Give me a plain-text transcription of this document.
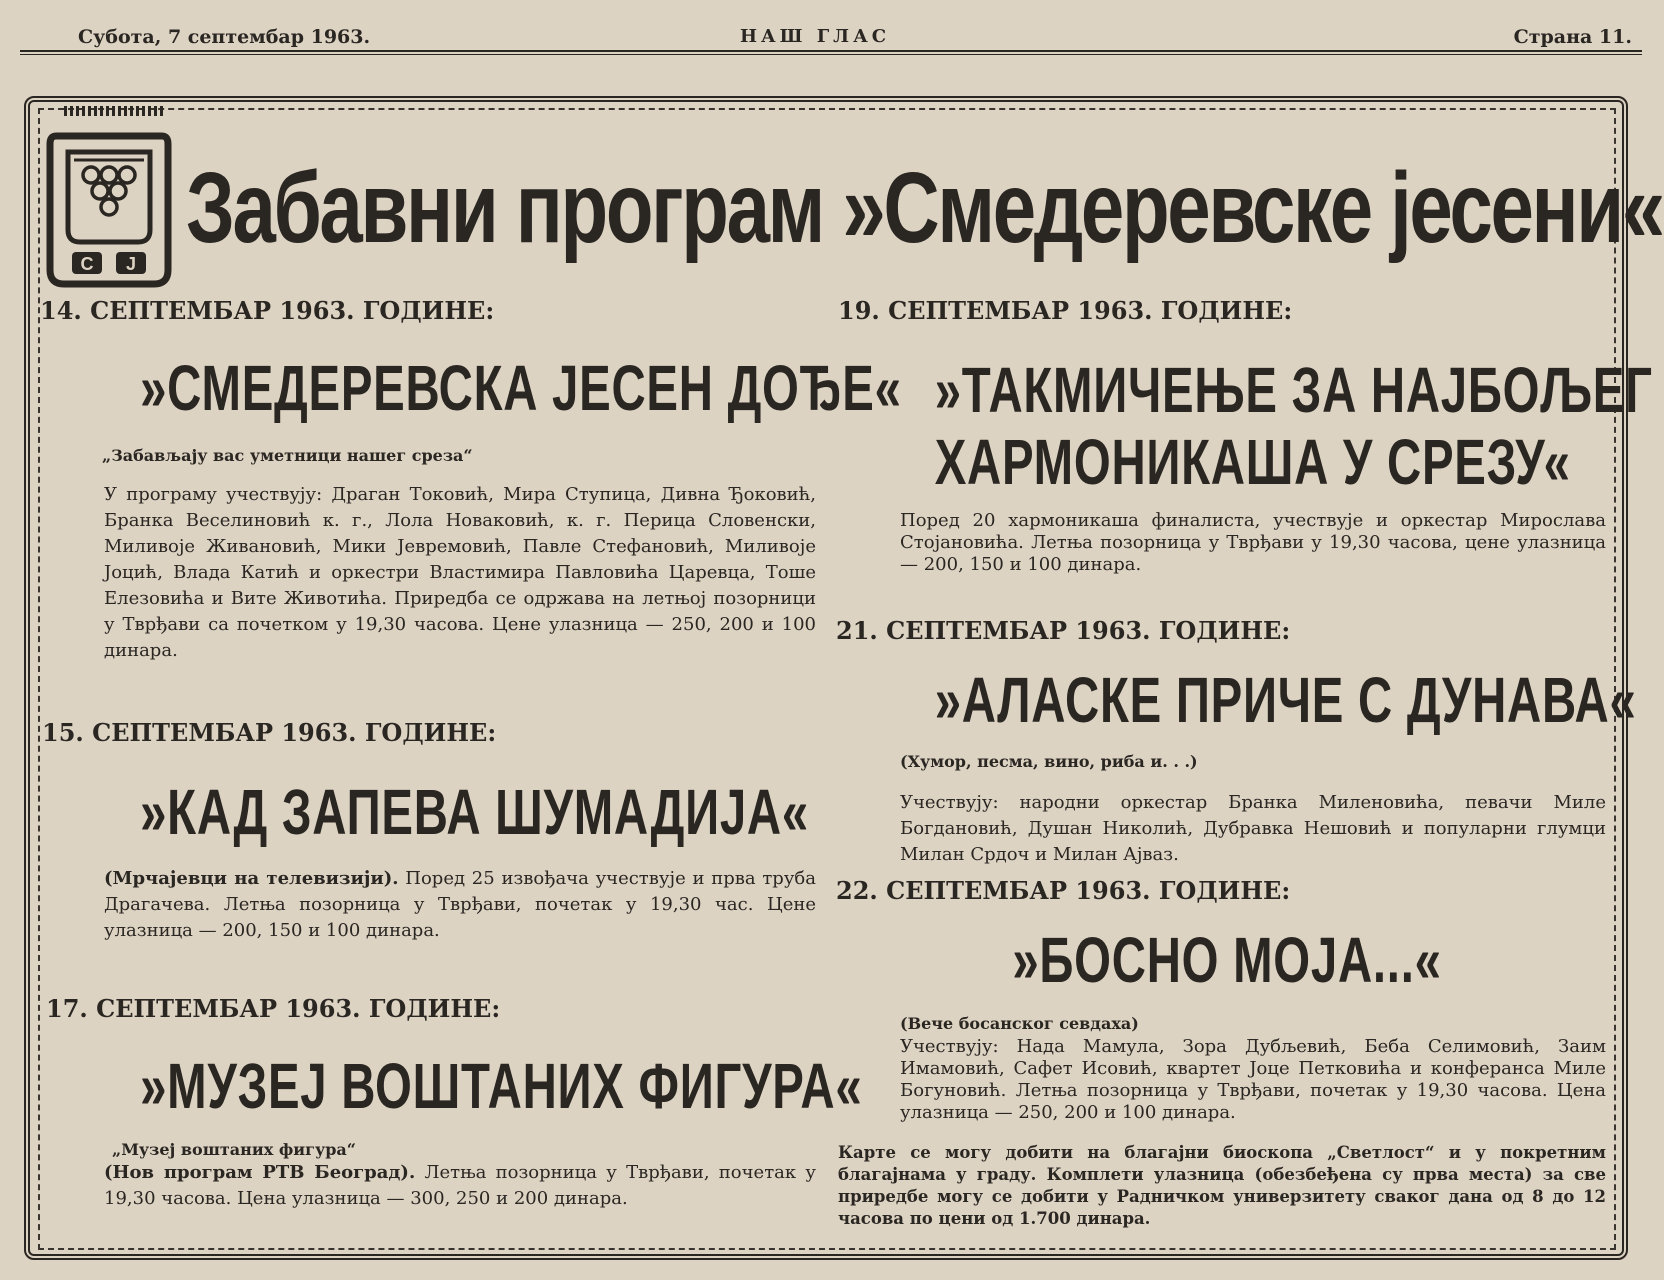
Субота, 7 септембар 1963.	НАШ ГЛАС	Страна 11.
С Ј Забавни програм »Смедеревске јесени«
14. СЕПТЕМБАР 1963. ГОДИНЕ:
»СМЕДЕРЕВСКА ЈЕСЕН ДОЂЕ«
„Забављају вас уметници нашег среза“
У програму учествују: Драган Токовић, Мира Ступица, Дивна Ђоковић, Бранка Веселиновић к. г., Лола Новаковић, к. г. Перица Словенски, Миливоје Живановић, Мики Јевремовић, Павле Стефановић, Миливоје Јоцић, Влада Катић и оркестри Властимира Павловића Царевца, Тоше Елезовића и Вите Животића. Приредба се одржава на летњој позорници у Тврђави са почетком у 19,30 часова. Цене улазница — 250, 200 и 100 динара.
15. СЕПТЕМБАР 1963. ГОДИНЕ:
»КАД ЗАПЕВА ШУМАДИЈА«
(Мрчајевци на телевизији). Поред 25 извођача учествује и прва труба Драгачева. Летња позорница у Тврђави, почетак у 19,30 час. Цене улазница — 200, 150 и 100 динара.
17. СЕПТЕМБАР 1963. ГОДИНЕ:
»МУЗЕЈ ВОШТАНИХ ФИГУРА«
„Музеј воштаних фигура“
(Нов програм РТВ Београд). Летња позорница у Тврђави, почетак у 19,30 часова. Цена улазница — 300, 250 и 200 динара.
19. СЕПТЕМБАР 1963. ГОДИНЕ:
»ТАКМИЧЕЊЕ ЗА НАЈБОЉЕГ
ХАРМОНИКАША У СРЕЗУ«
Поред 20 хармоникаша финалиста, учествује и оркестар Мирослава Стојановића. Летња позорница у Тврђави у 19,30 часова, цене улазница — 200, 150 и 100 динара.
21. СЕПТЕМБАР 1963. ГОДИНЕ:
»АЛАСКЕ ПРИЧЕ С ДУНАВА«
(Хумор, песма, вино, риба и. . .)
Учествују: народни оркестар Бранка Миленовића, певачи Миле Богдановић, Душан Николић, Дубравка Нешовић и популарни глумци Милан Срдоч и Милан Ајваз.
22. СЕПТЕМБАР 1963. ГОДИНЕ:
»БОСНО МОЈА...«
(Вече босанског севдаха)
Учествују: Нада Мамула, Зора Дубљевић, Беба Селимовић, Заим Имамовић, Сафет Исовић, квартет Јоце Петковића и конферанса Миле Богуновић. Летња позорница у Тврђави, почетак у 19,30 часова. Цена улазница — 250, 200 и 100 динара.
Карте се могу добити на благајни биоскопа „Светлост“ и у покретним благајнама у граду. Комплети улазница (обезбеђена су прва места) за све приредбе могу се добити у Радничком универзитету сваког дана од 8 до 12 часова по цени од 1.700 динара.
